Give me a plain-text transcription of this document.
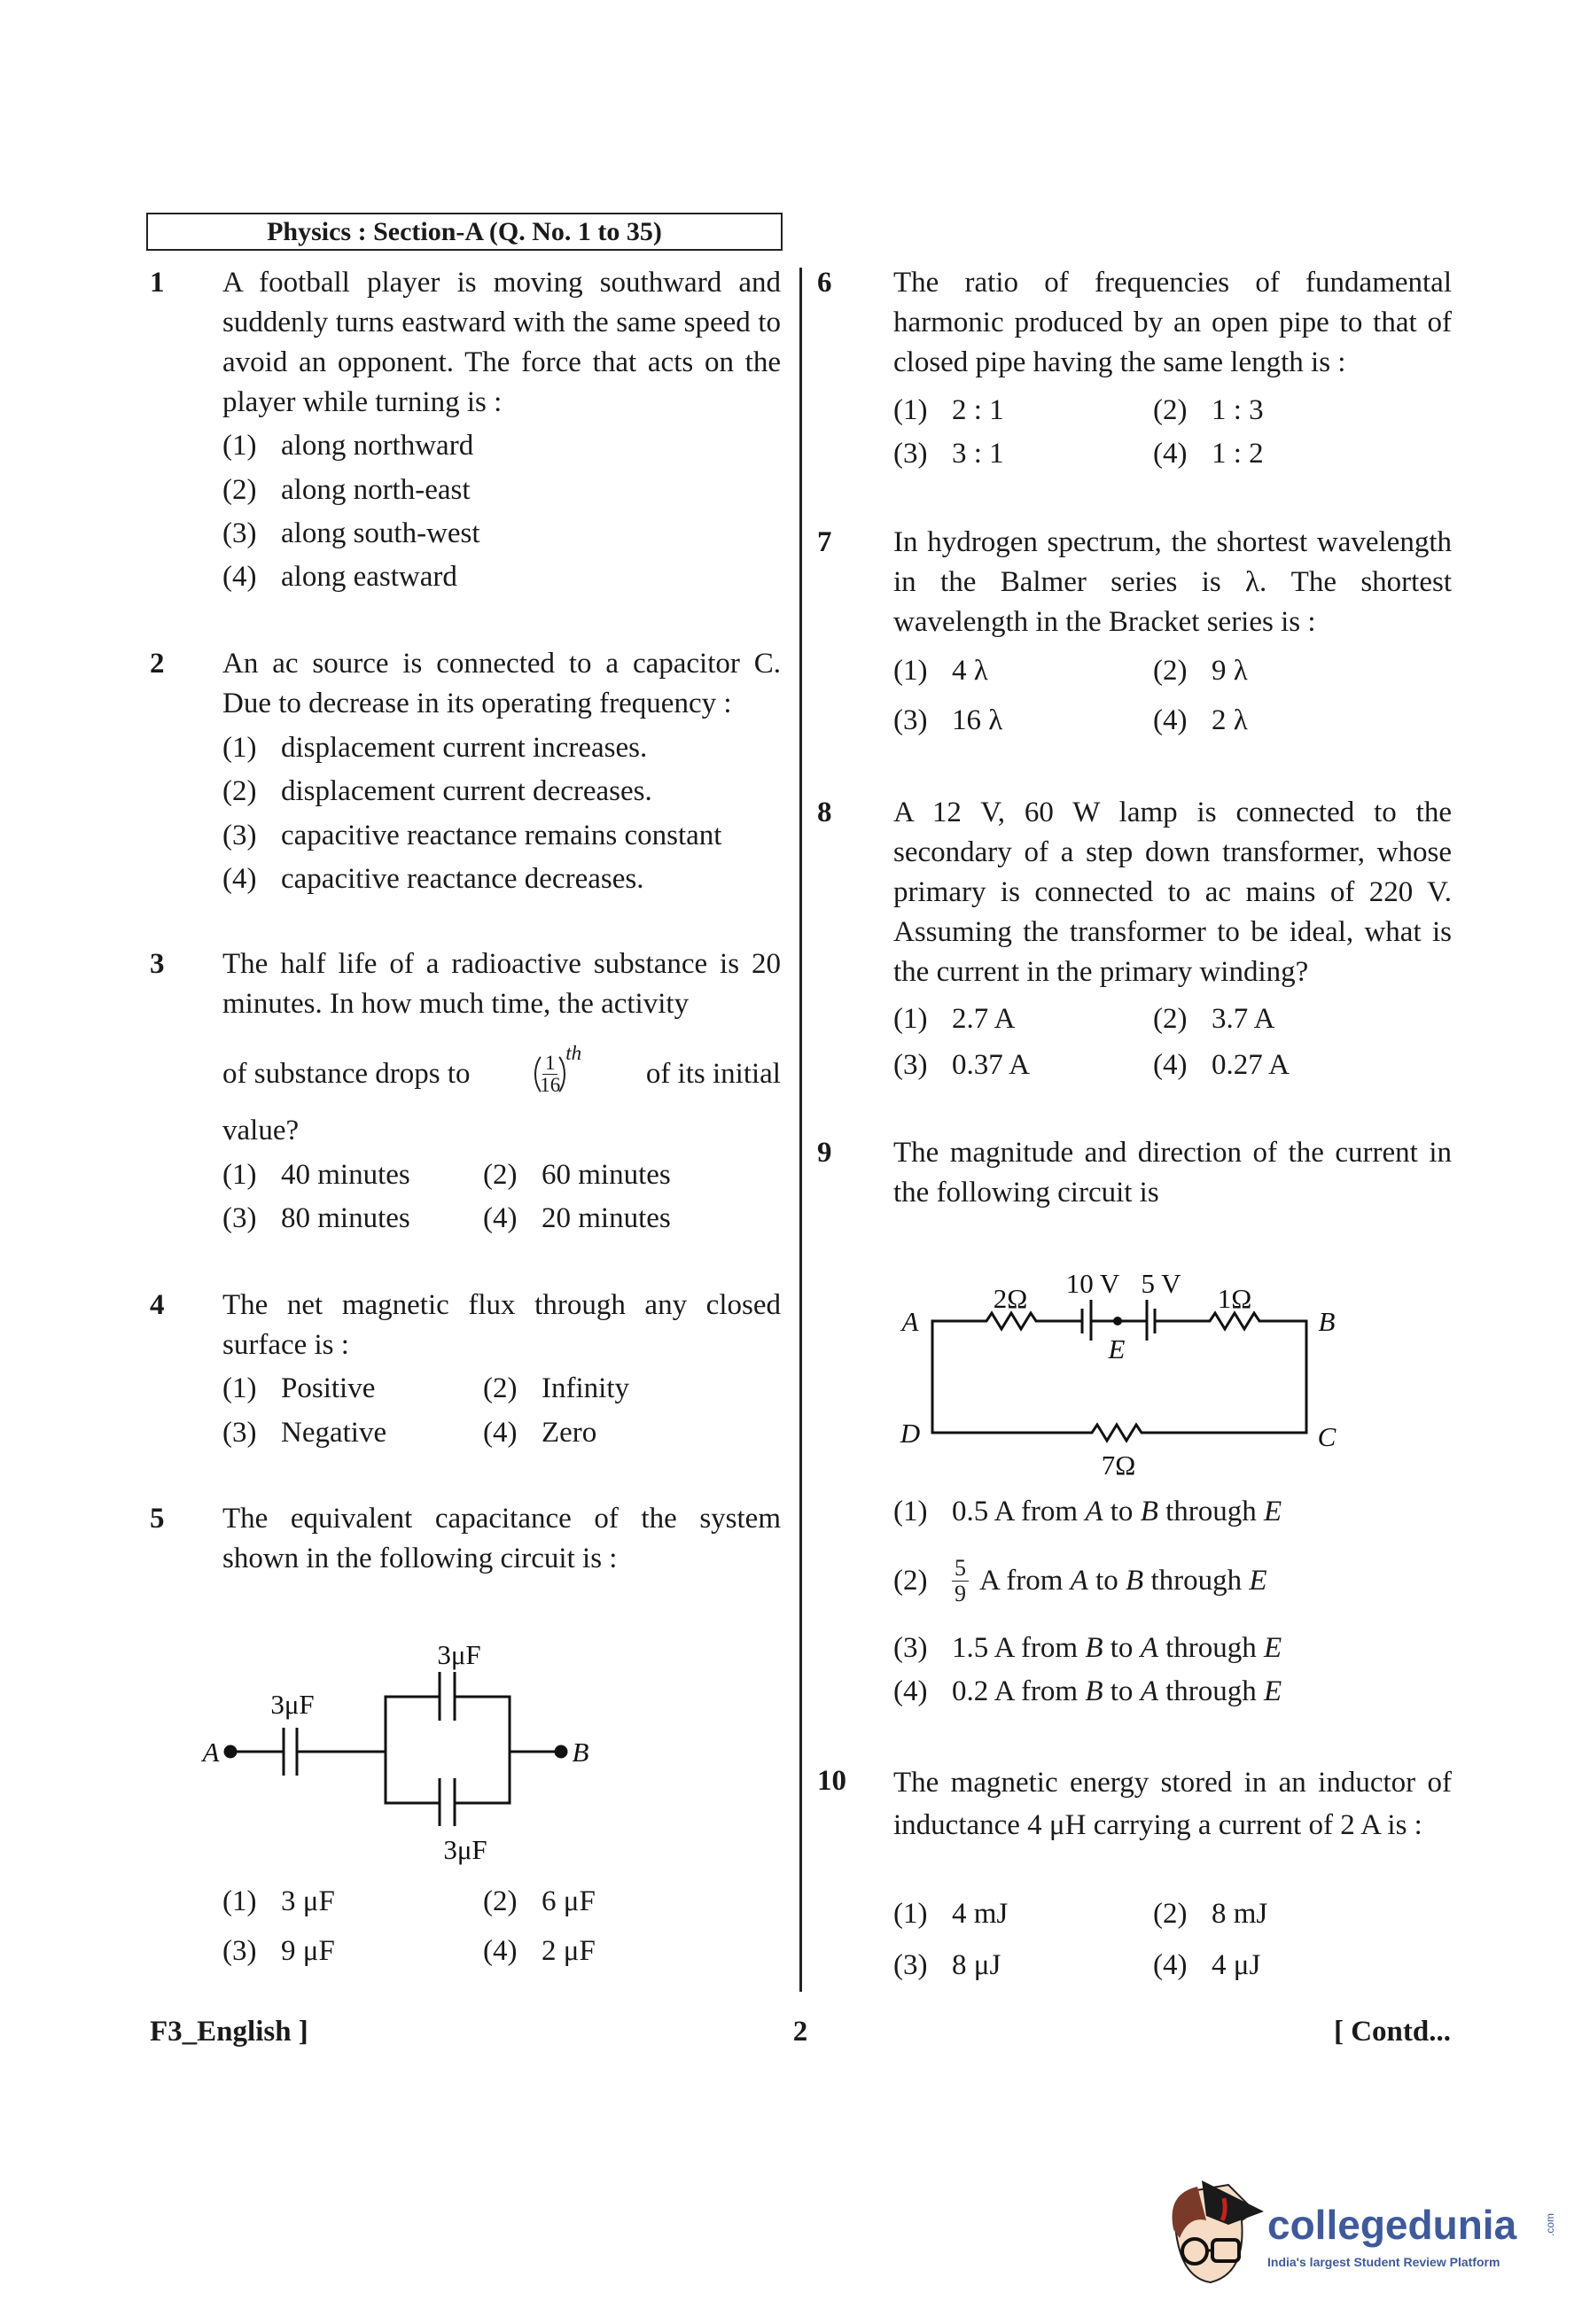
Physics : Section-A (Q. No. 1 to 35)
1 A football player is moving southward and suddenly turns eastward with the same speed to avoid an opponent. The force that acts on the player while turning is :
(1) along northward
(2) along north-east
(3) along south-west
(4) along eastward
2 An ac source is connected to a capacitor C. Due to decrease in its operating frequency :
(1) displacement current increases.
(2) displacement current decreases.
(3) capacitive reactance remains constant
(4) capacitive reactance decreases.
3 The half life of a radioactive substance is 20 minutes. In how much time, the activity
of substance drops to	$\frac{1}{16} ^{th}$
of its initial
value?
(1) 40 minutes	(2) 60 minutes
(3) 80 minutes	(4) 20 minutes
4 The net magnetic flux through any closed surface is :
(1) Positive	(2) Infinity
(3) Negative	(4) Zero
5 The equivalent capacitance of the system shown in the following circuit is :
(1) 3 μF	(2) 6 μF
(3) 9 μF	(4) 2 μF
6 The ratio of frequencies of fundamental harmonic produced by an open pipe to that of closed pipe having the same length is :
(1) 2 : 1	(2) 1 : 3
(3) 3 : 1	(4) 1 : 2
7 In hydrogen spectrum, the shortest wavelength in the Balmer series is λ. The shortest wavelength in the Bracket series is :
(1) 4 λ	(2) 9 λ
(3) 16 λ	(4) 2 λ
8 A 12 V, 60 W lamp is connected to the secondary of a step down transformer, whose primary is connected to ac mains of 220 V. Assuming the transformer to be ideal, what is the current in the primary winding?
(1) 2.7 A	(2) 3.7 A
(3) 0.37 A	(4) 0.27 A
9 The magnitude and direction of the current in the following circuit is
(1) 0.5 A from A to B through E
(2)	$\frac{5}{9}$ A from
A
to
B
through
E
(3) 1.5 A from B to A through E
(4) 0.2 A from B to A through E
10 The magnetic energy stored in an inductor of inductance 4 μH carrying a current of 2 A is :
(1) 4 mJ	(2) 8 mJ
(3) 8 μJ	(4) 4 μJ
3μF
3μF
3μF
A	B
2Ω 10 V 5 V 1Ω
7Ω
A	B
C
D
E
F3_English ]	2	[ Contd...
collegedunia	.com
India's largest Student Review Platform
